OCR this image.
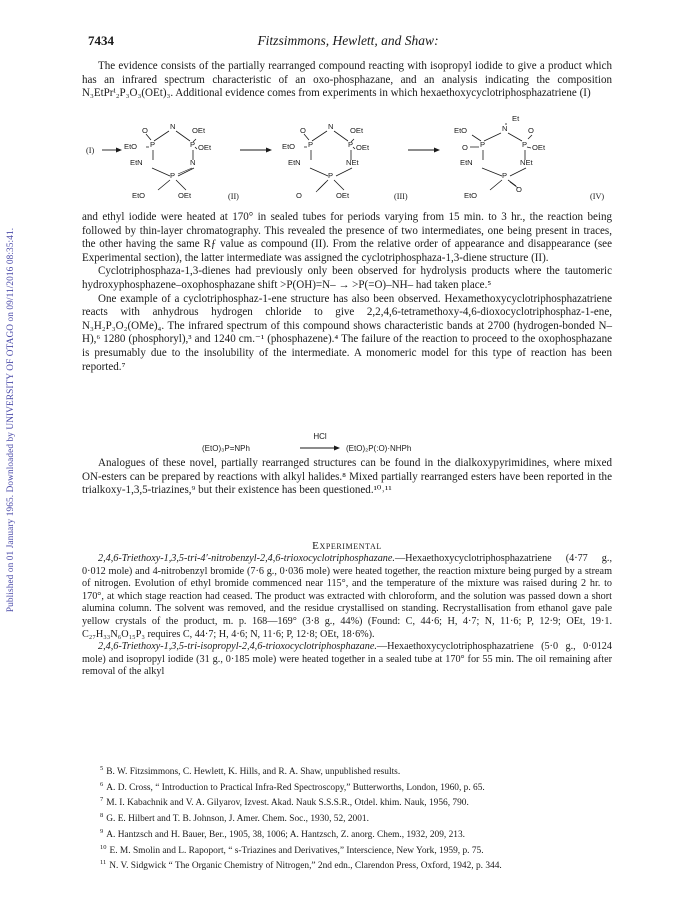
Published on 01 January 1965. Downloaded by UNIVERSITY OF OTAGO on 09/11/2016 08:35:41.
7434	Fitzsimmons, Hewlett, and Shaw:

The evidence consists of the partially rearranged compound reacting with isopropyl iodide to give a product which has an infrared spectrum characteristic of an oxo-phosphazane, and an analysis indicating the composition N₃EtPrⁱ₂P₃O₃(OEt)₃. Additional evidence comes from experiments in which hexaethoxycyclotriphosphazatriene (I)

(I)
O	N OEt
EtO P	P OEt
EtN	N
P
EtO	OEt	(II)
O	N OEt
EtO P	P OEt
EtN	NEt
P
O	OEt	(III)
Et
EtO	N	O
O P	P OEt
EtN	NEt
P
EtO
O
(IV)

and ethyl iodide were heated at 170° in sealed tubes for periods varying from 15 min. to 3 hr., the reaction being followed by thin-layer chromatography. This revealed the presence of two intermediates, one being present in traces, the other having the same Rƒ value as compound (II). From the relative order of appearance and disappearance (see Experimental section), the latter intermediate was assigned the cyclotriphosphaza-1,3-diene structure (II).

Cyclotriphosphaza-1,3-dienes had previously only been observed for hydrolysis products where the tautomeric hydroxyphosphazene–oxophosphazane shift >P(OH)=N– → >P(=O)–NH– had taken place.⁵

One example of a cyclotriphosphaz-1-ene structure has also been observed. Hexamethoxycyclotriphosphazatriene reacts with anhydrous hydrogen chloride to give 2,2,4,6-tetramethoxy-4,6-dioxocyclotriphosphaz-1-ene, N₃H₂P₃O₂(OMe)₄. The infrared spectrum of this compound shows characteristic bands at 2700 (hydrogen-bonded N–H),⁶ 1280 (phosphoryl),³ and 1240 cm.⁻¹ (phosphazene).⁴ The failure of the reaction to proceed to the oxophosphazane is presumably due to the insolubility of the intermediate. A monomeric model for this type of reaction has been reported.⁷

HCl
(EtO)₃P=NPh	(EtO)₂P(:O)·NHPh

Analogues of these novel, partially rearranged structures can be found in the dialkoxypyrimidines, where mixed ON-esters can be prepared by reactions with alkyl halides.⁸ Mixed partially rearranged esters have been reported in the trialkoxy-1,3,5-triazines,⁹ but their existence has been questioned.¹⁰˒¹¹

Experimental

2,4,6-Triethoxy-1,3,5-tri-4′-nitrobenzyl-2,4,6-trioxocyclotriphosphazane.—Hexaethoxycyclotriphosphazatriene (4·77 g., 0·012 mole) and 4-nitrobenzyl bromide (7·6 g., 0·036 mole) were heated together, the reaction mixture being purged by a stream of nitrogen. Evolution of ethyl bromide commenced near 115°, and the temperature of the mixture was raised during 2 hr. to 170°, at which stage reaction had ceased. The product was extracted with chloroform, and the solution was passed down a short alumina column. The solvent was removed, and the residue crystallised on standing. Recrystallisation from ethanol gave pale yellow crystals of the product, m. p. 168—169° (3·8 g., 44%) (Found: C, 44·6; H, 4·7; N, 11·6; P, 12·9; OEt, 19·1. C₂₇H₃₃N₆O₁₅P₃ requires C, 44·7; H, 4·6; N, 11·6; P, 12·8; OEt, 18·6%).

2,4,6-Triethoxy-1,3,5-tri-isopropyl-2,4,6-trioxocyclotriphosphazane.—Hexaethoxycyclotriphosphazatriene (5·0 g., 0·0124 mole) and isopropyl iodide (31 g., 0·185 mole) were heated together in a sealed tube at 170° for 55 min. The oil remaining after removal of the alkyl

$^5$ B. W. Fitzsimmons, C. Hewlett, K. Hills, and R. A. Shaw, unpublished results.

$^6$ A. D. Cross, “ Introduction to Practical Infra-Red Spectroscopy,” Butterworths, London, 1960, p. 65.

$^7$ M. I. Kabachnik and V. A. Gilyarov, Izvest. Akad. Nauk S.S.S.R., Otdel. khim. Nauk, 1956, 790.

$^8$ G. E. Hilbert and T. B. Johnson, J. Amer. Chem. Soc., 1930, 52, 2001.

$^9$ A. Hantzsch and H. Bauer, Ber., 1905, 38, 1006; A. Hantzsch, Z. anorg. Chem., 1932, 209, 213.

$^{10}$ E. M. Smolin and L. Rapoport, “ s-Triazines and Derivatives,” Interscience, New York, 1959, p. 75.

$^{11}$ N. V. Sidgwick “ The Organic Chemistry of Nitrogen,” 2nd edn., Clarendon Press, Oxford, 1942, p. 344.
